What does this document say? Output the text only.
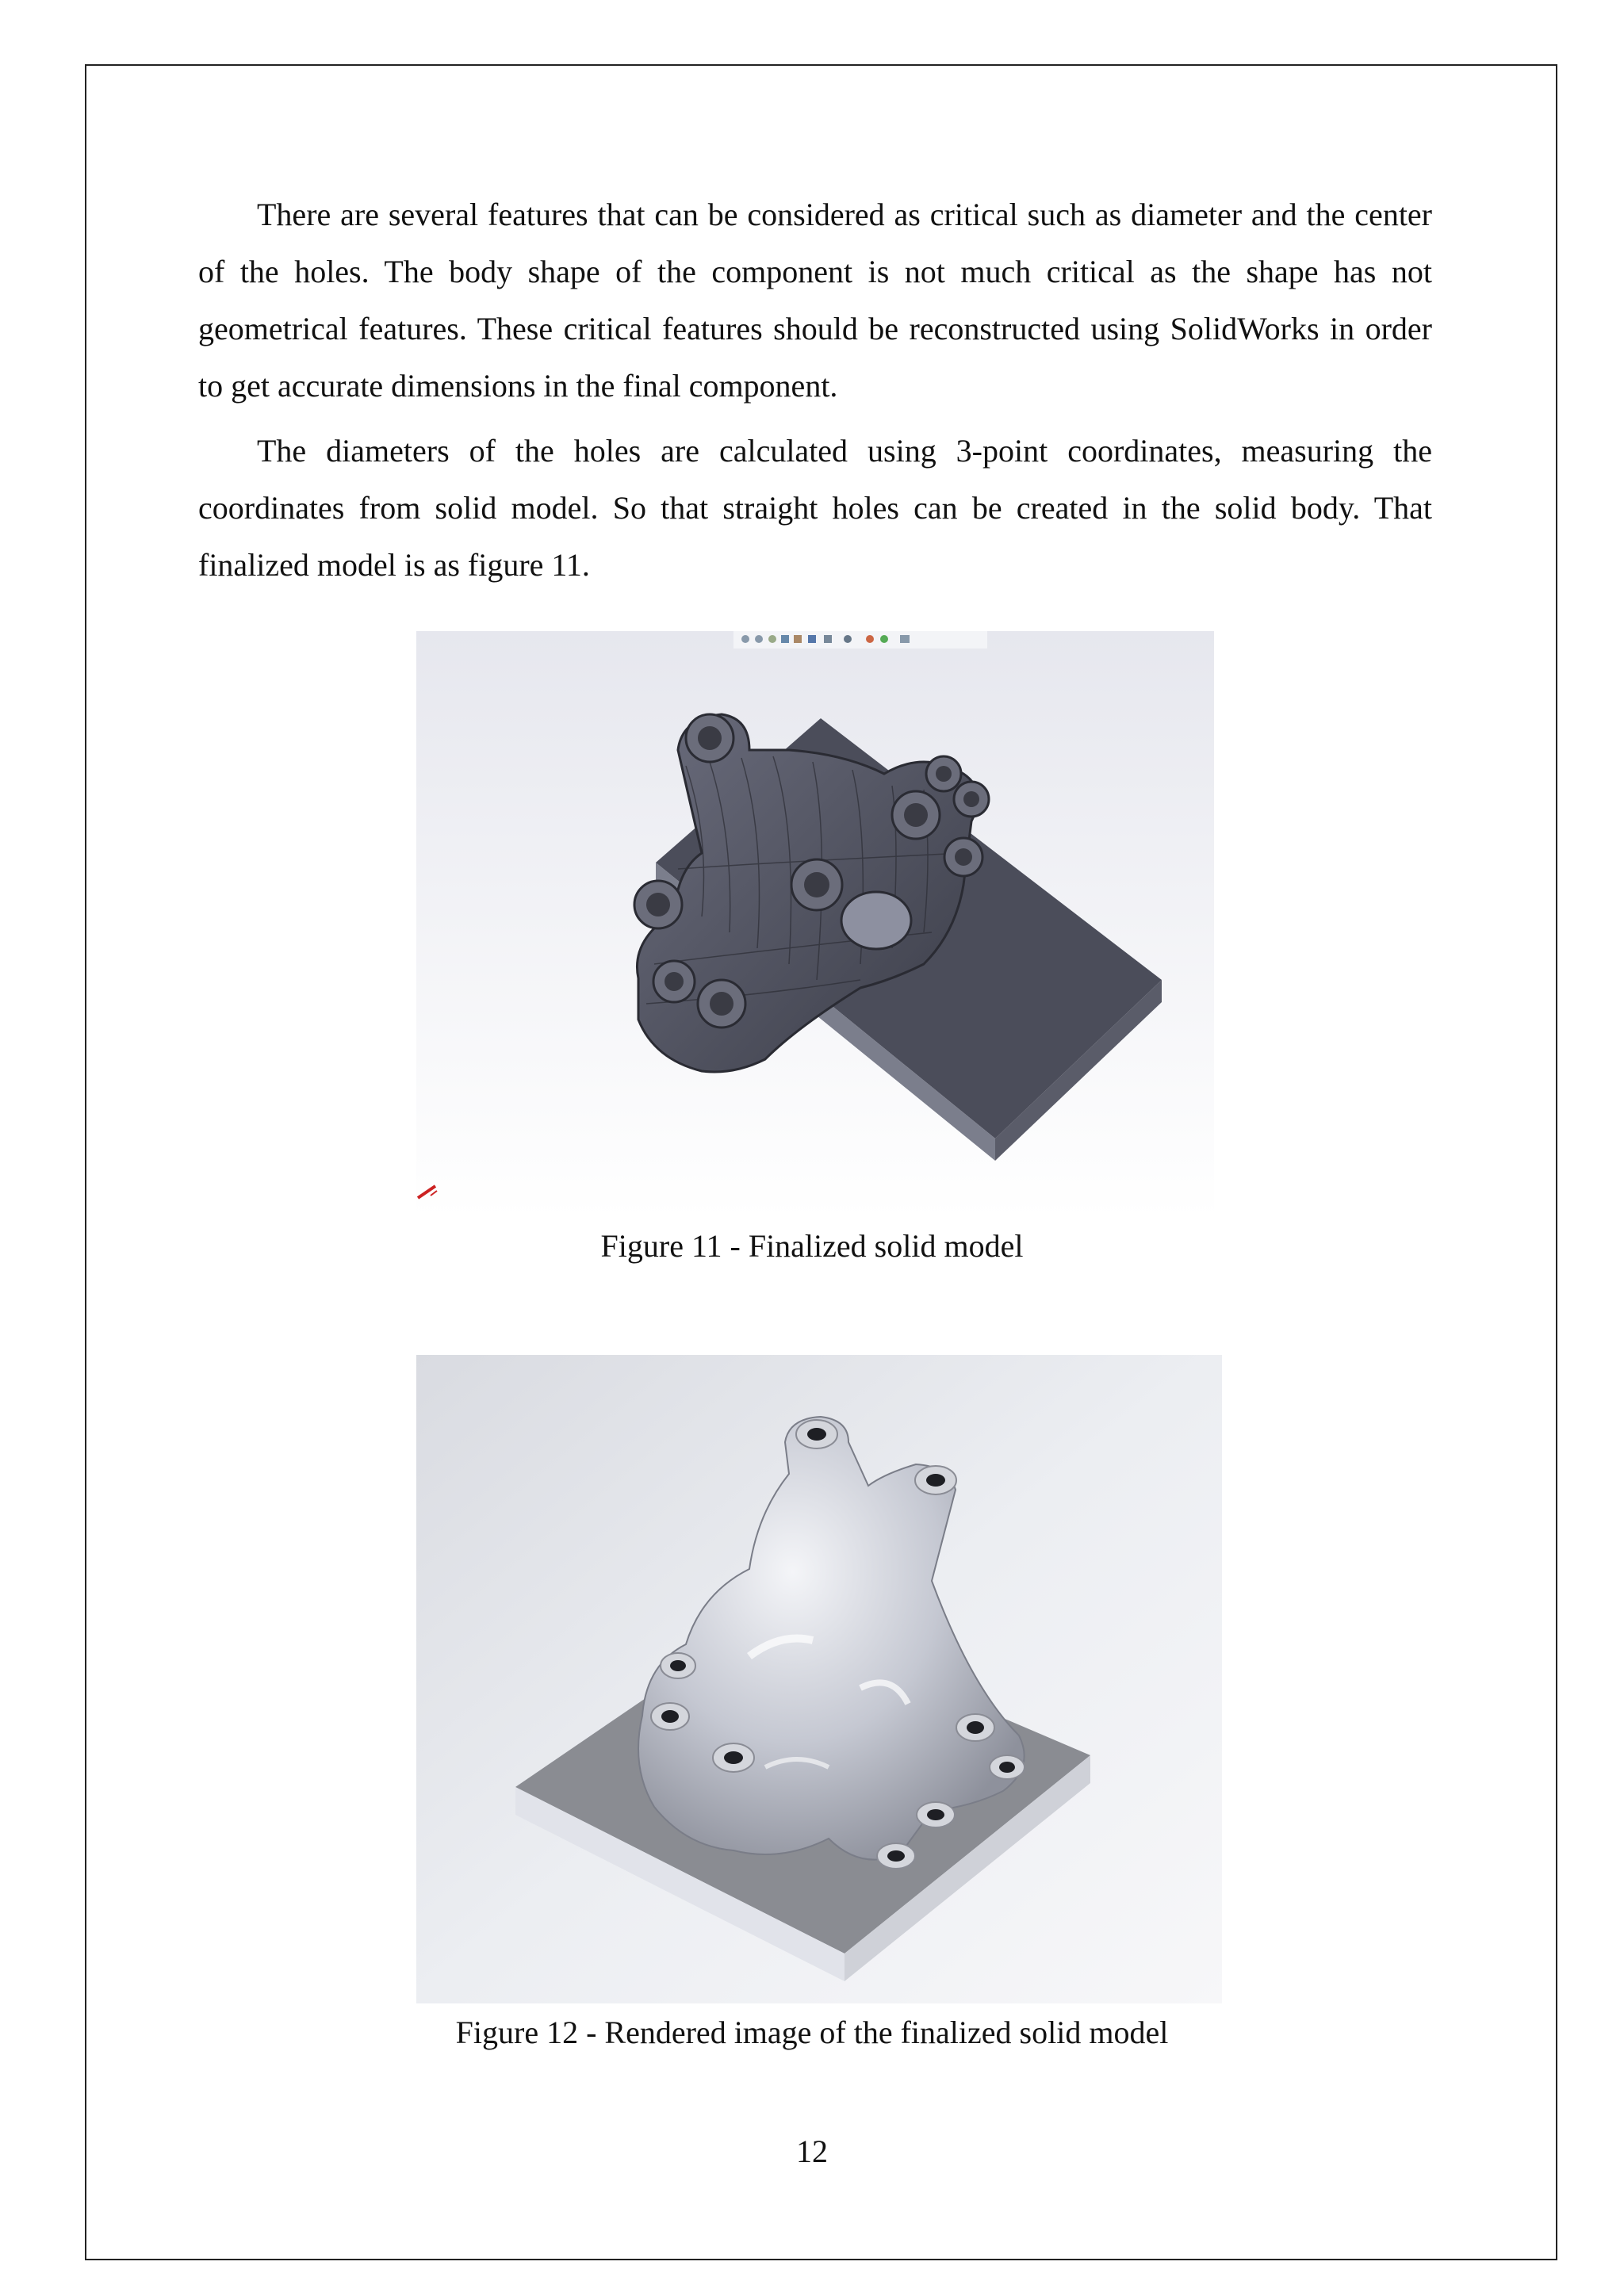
There are several features that can be considered as critical such as diameter and the center of the holes. The body shape of the component is not much critical as the shape has not geometrical features. These critical features should be reconstructed using SolidWorks in order to get accurate dimensions in the final component.

The diameters of the holes are calculated using 3-point coordinates, measuring the coordinates from solid model. So that straight holes can be created in the solid body. That finalized model is as figure 11.

Figure 11 - Finalized solid model

Figure 12 - Rendered image of the finalized solid model

12
